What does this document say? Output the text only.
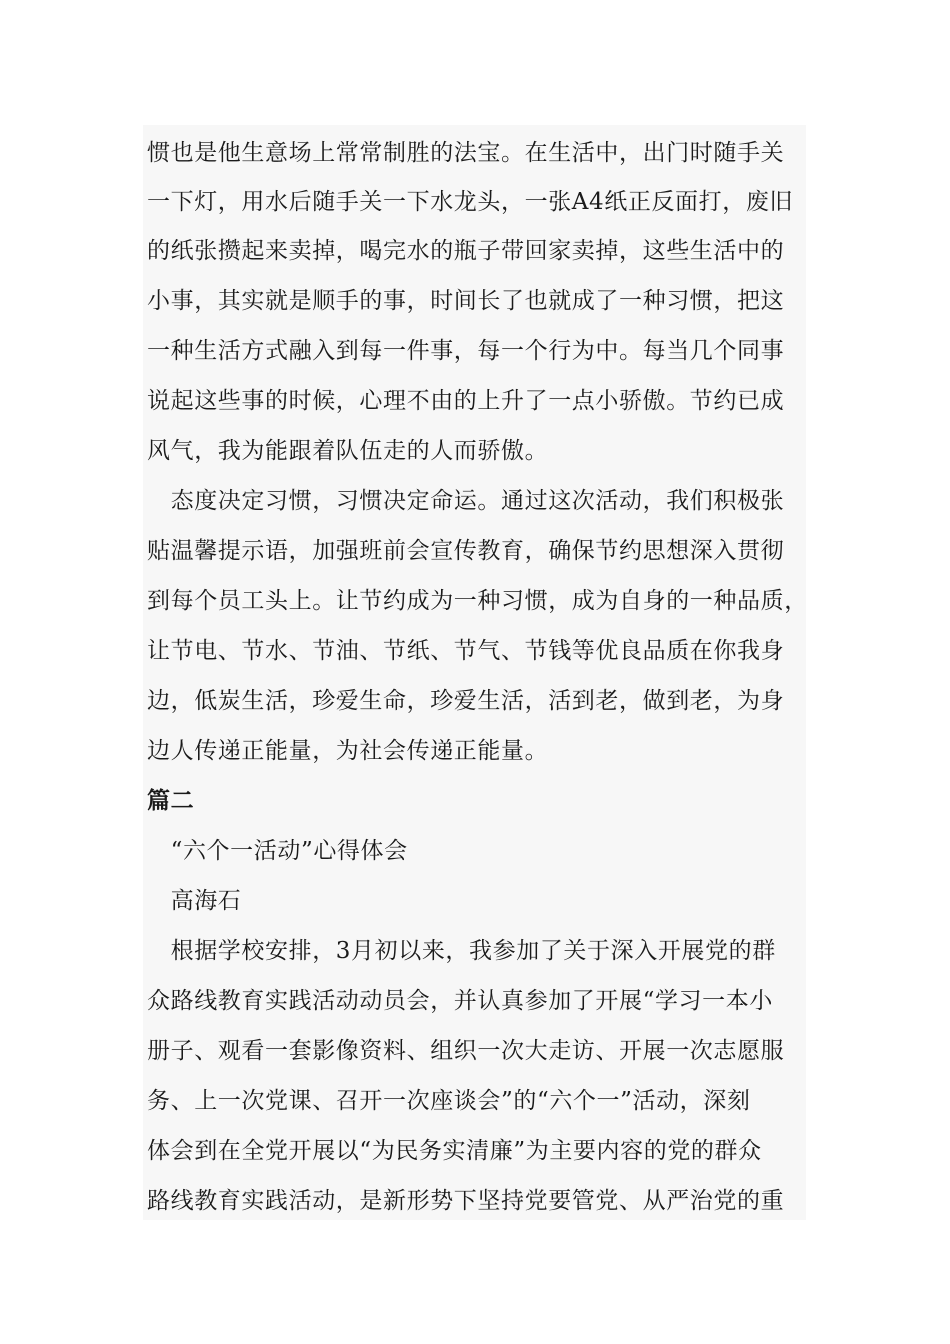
惯也是他生意场上常常制胜的法宝。在生活中，出门时随手关
一下灯，用水后随手关一下水龙头，一张A4纸正反面打，废旧
的纸张攒起来卖掉，喝完水的瓶子带回家卖掉，这些生活中的
小事，其实就是顺手的事，时间长了也就成了一种习惯，把这
一种生活方式融入到每一件事，每一个行为中。每当几个同事
说起这些事的时候，心理不由的上升了一点小骄傲。节约已成
风气，我为能跟着队伍走的人而骄傲。
　态度决定习惯，习惯决定命运。通过这次活动，我们积极张
贴温馨提示语，加强班前会宣传教育，确保节约思想深入贯彻
到每个员工头上。让节约成为一种习惯，成为自身的一种品质，
让节电、节水、节油、节纸、节气、节钱等优良品质在你我身
边，低炭生活，珍爱生命，珍爱生活，活到老，做到老，为身
边人传递正能量，为社会传递正能量。
篇二
　“六个一活动”心得体会
　高海石
　根据学校安排，3月初以来，我参加了关于深入开展党的群
众路线教育实践活动动员会，并认真参加了开展“学习一本小
册子、观看一套影像资料、组织一次大走访、开展一次志愿服
务、上一次党课、召开一次座谈会”的“六个一”活动，深刻
体会到在全党开展以“为民务实清廉”为主要内容的党的群众
路线教育实践活动，是新形势下坚持党要管党、从严治党的重
